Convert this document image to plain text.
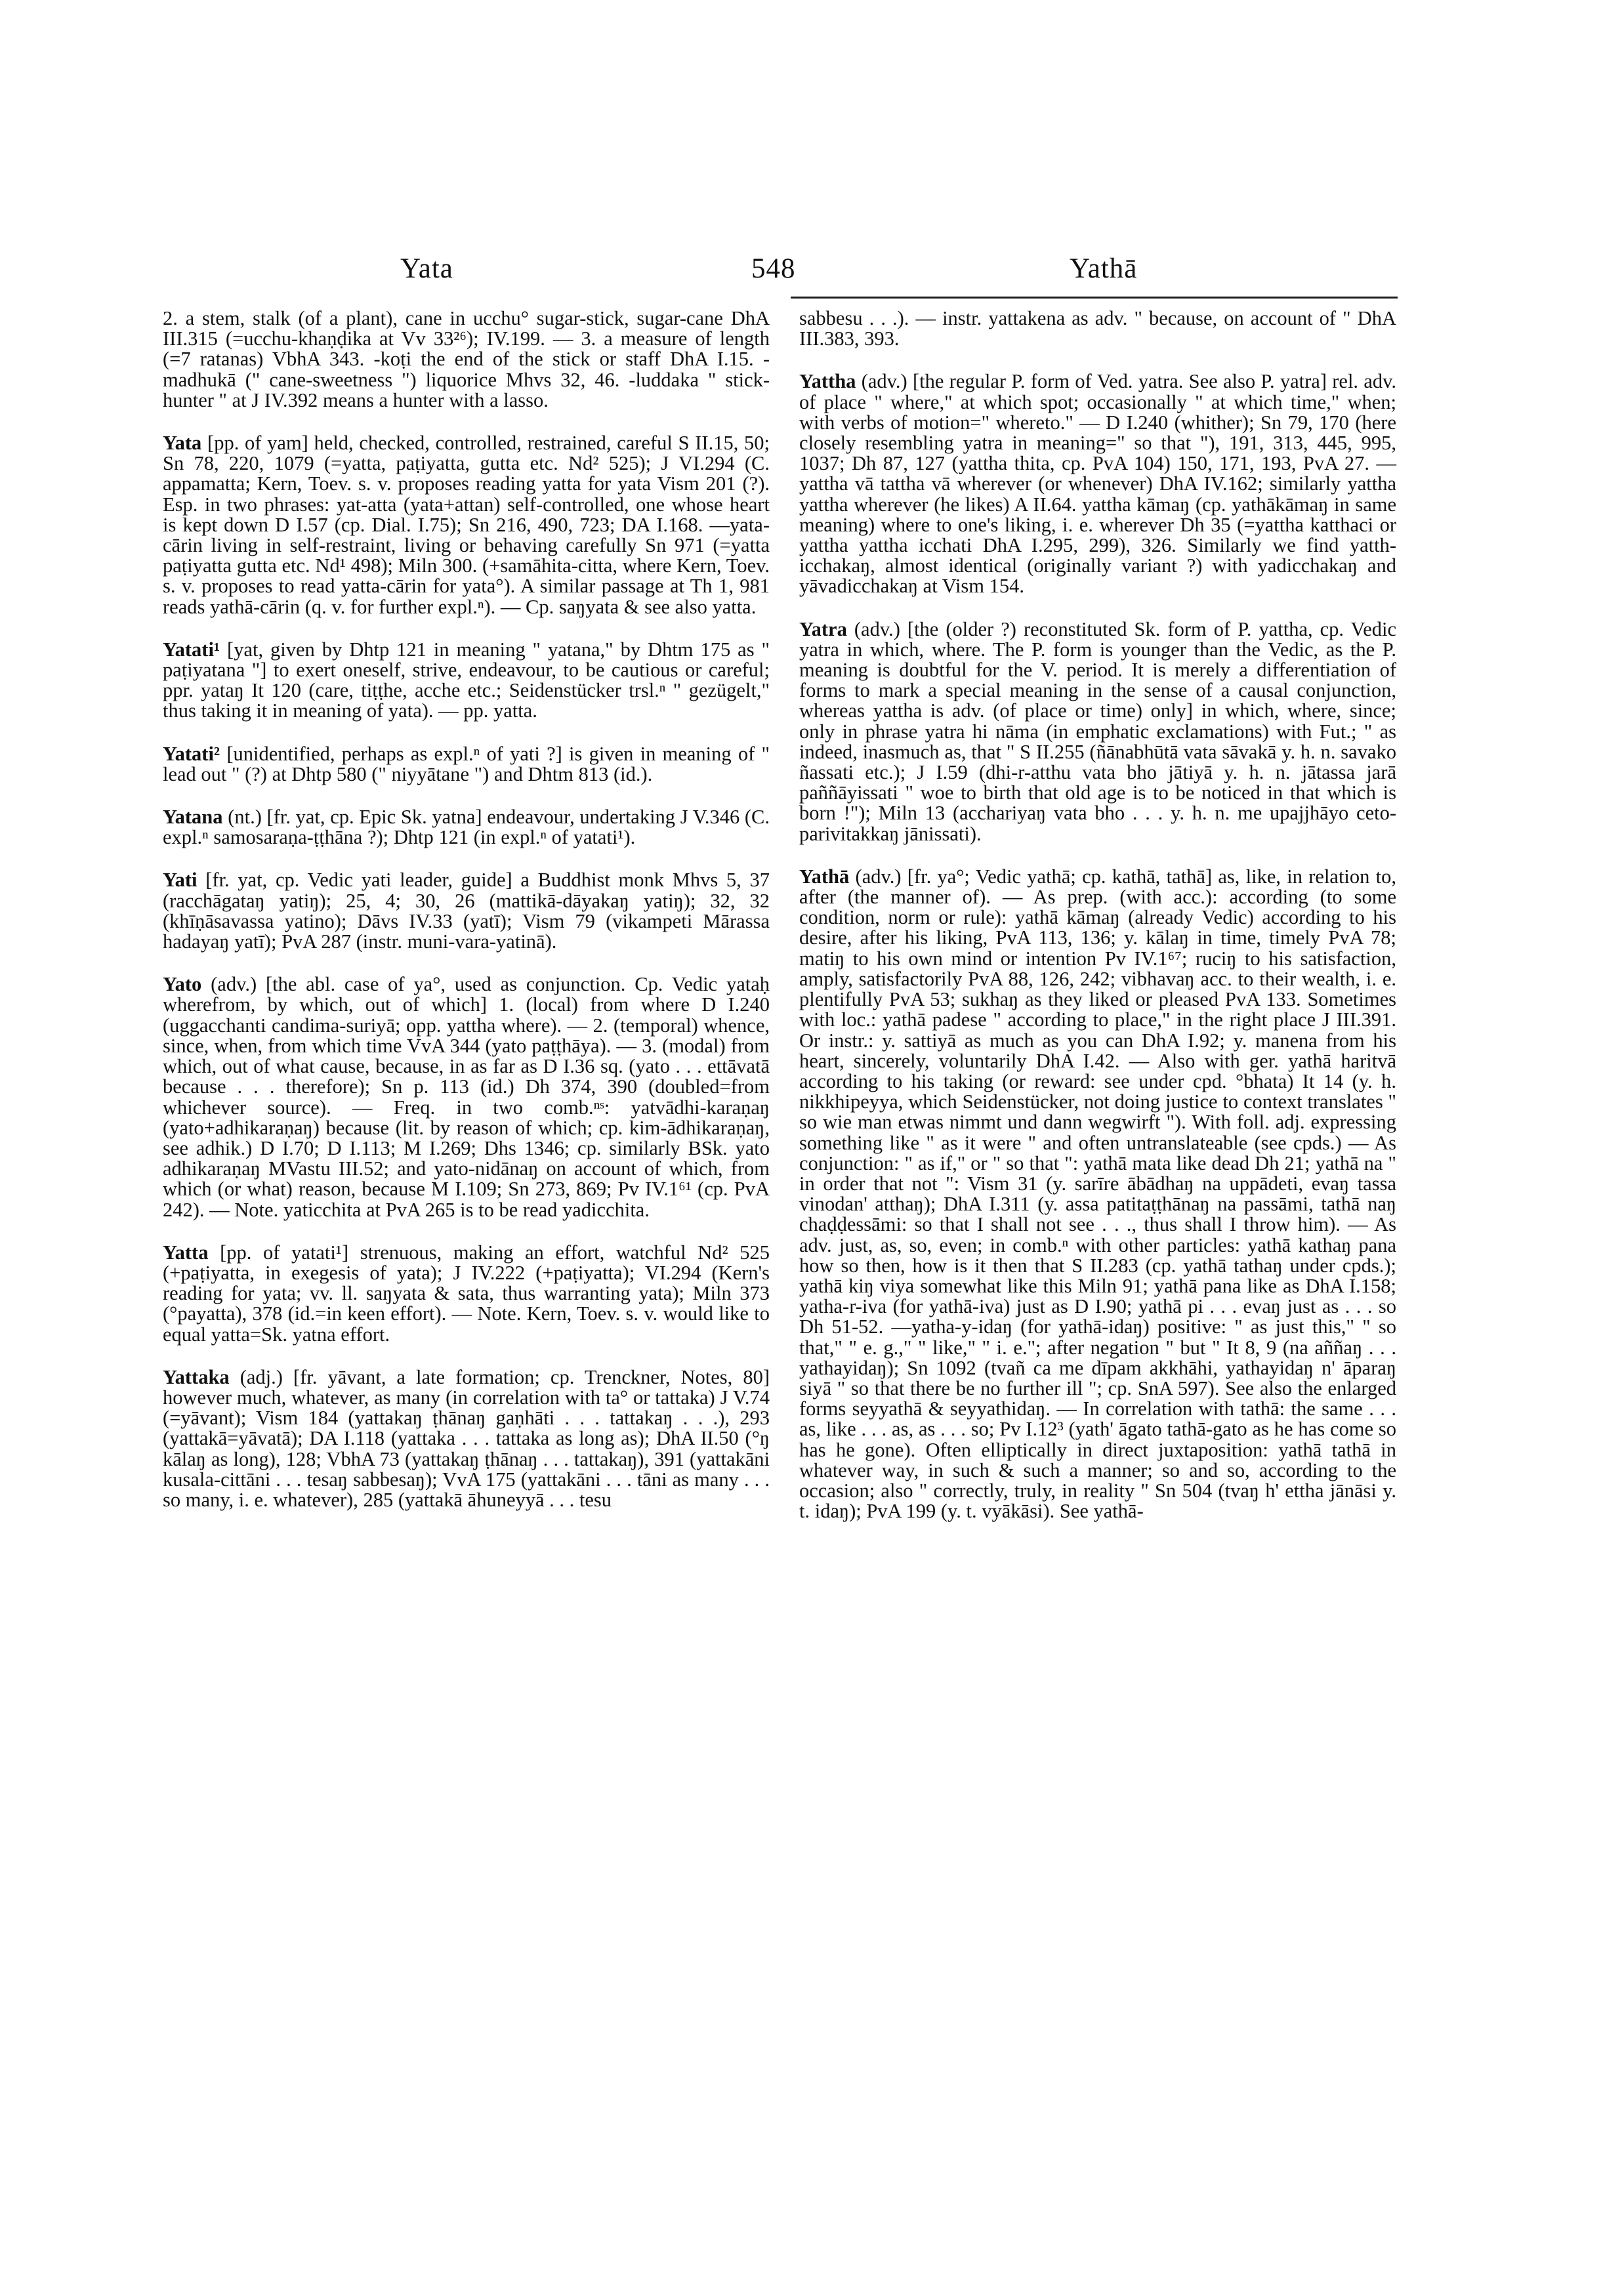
Yata	548	Yathā

2. a stem, stalk (of a plant), cane in ucchu° sugar-stick, sugar-cane DhA III.315 (=ucchu-khaṇḍika at Vv 33²⁶); IV.199. — 3. a measure of length (=7 ratanas) VbhA 343. -koṭi the end of the stick or staff DhA I.15. -madhukā (" cane-sweetness ") liquorice Mhvs 32, 46. -luddaka " stick-hunter " at J IV.392 means a hunter with a lasso.

Yata [pp. of yam] held, checked, controlled, restrained, careful S II.15, 50; Sn 78, 220, 1079 (=yatta, paṭiyatta, gutta etc. Nd² 525); J VI.294 (C. appamatta; Kern, Toev. s. v. proposes reading yatta for yata Vism 201 (?). Esp. in two phrases: yat-atta (yata+attan) self-controlled, one whose heart is kept down D I.57 (cp. Dial. I.75); Sn 216, 490, 723; DA I.168. —yata-cārin living in self-restraint, living or behaving carefully Sn 971 (=yatta paṭiyatta gutta etc. Nd¹ 498); Miln 300. (+samāhita-citta, where Kern, Toev. s. v. proposes to read yatta-cārin for yata°). A similar passage at Th 1, 981 reads yathā-cārin (q. v. for further expl.ⁿ). — Cp. saŋyata & see also yatta.

Yatati¹ [yat, given by Dhtp 121 in meaning " yatana," by Dhtm 175 as " paṭiyatana "] to exert oneself, strive, endeavour, to be cautious or careful; ppr. yataŋ It 120 (care, tiṭṭhe, acche etc.; Seidenstücker trsl.ⁿ " gezügelt," thus taking it in meaning of yata). — pp. yatta.

Yatati² [unidentified, perhaps as expl.ⁿ of yati ?] is given in meaning of " lead out " (?) at Dhtp 580 (" niyyātane ") and Dhtm 813 (id.).

Yatana (nt.) [fr. yat, cp. Epic Sk. yatna] endeavour, undertaking J V.346 (C. expl.ⁿ samosaraṇa-ṭṭhāna ?); Dhtp 121 (in expl.ⁿ of yatati¹).

Yati [fr. yat, cp. Vedic yati leader, guide] a Buddhist monk Mhvs 5, 37 (racchāgataŋ yatiŋ); 25, 4; 30, 26 (mattikā-dāyakaŋ yatiŋ); 32, 32 (khīṇāsavassa yatino); Dāvs IV.33 (yatī); Vism 79 (vikampeti Mārassa hadayaŋ yatī); PvA 287 (instr. muni-vara-yatinā).

Yato (adv.) [the abl. case of ya°, used as conjunction. Cp. Vedic yataḥ wherefrom, by which, out of which] 1. (local) from where D I.240 (uggacchanti candima-suriyā; opp. yattha where). — 2. (temporal) whence, since, when, from which time VvA 344 (yato paṭṭhāya). — 3. (modal) from which, out of what cause, because, in as far as D I.36 sq. (yato . . . ettāvatā because . . . therefore); Sn p. 113 (id.) Dh 374, 390 (doubled=from whichever source). — Freq. in two comb.ⁿˢ: yatvādhi-karaṇaŋ (yato+adhikaraṇaŋ) because (lit. by reason of which; cp. kim-ādhikaraṇaŋ, see adhik.) D I.70; D I.113; M I.269; Dhs 1346; cp. similarly BSk. yato adhikaraṇaŋ MVastu III.52; and yato-nidānaŋ on account of which, from which (or what) reason, because M I.109; Sn 273, 869; Pv IV.1⁶¹ (cp. PvA 242). — Note. yaticchita at PvA 265 is to be read yadicchita.

Yatta [pp. of yatati¹] strenuous, making an effort, watchful Nd² 525 (+paṭiyatta, in exegesis of yata); J IV.222 (+paṭiyatta); VI.294 (Kern's reading for yata; vv. ll. saŋyata & sata, thus warranting yata); Miln 373 (°payatta), 378 (id.=in keen effort). — Note. Kern, Toev. s. v. would like to equal yatta=Sk. yatna effort.

Yattaka (adj.) [fr. yāvant, a late formation; cp. Trenckner, Notes, 80] however much, whatever, as many (in correlation with ta° or tattaka) J V.74 (=yāvant); Vism 184 (yattakaŋ ṭhānaŋ gaṇhāti . . . tattakaŋ . . .), 293 (yattakā=yāvatā); DA I.118 (yattaka . . . tattaka as long as); DhA II.50 (°ŋ kālaŋ as long), 128; VbhA 73 (yattakaŋ ṭhānaŋ . . . tattakaŋ), 391 (yattakāni kusala-cittāni . . . tesaŋ sabbesaŋ); VvA 175 (yattakāni . . . tāni as many . . . so many, i. e. whatever), 285 (yattakā āhuneyyā . . . tesu

sabbesu . . .). — instr. yattakena as adv. " because, on account of " DhA III.383, 393.

Yattha (adv.) [the regular P. form of Ved. yatra. See also P. yatra] rel. adv. of place " where," at which spot; occasionally " at which time," when; with verbs of motion=" whereto." — D I.240 (whither); Sn 79, 170 (here closely resembling yatra in meaning=" so that "), 191, 313, 445, 995, 1037; Dh 87, 127 (yattha thita, cp. PvA 104) 150, 171, 193, PvA 27. —yattha vā tattha vā wherever (or whenever) DhA IV.162; similarly yattha yattha wherever (he likes) A II.64. yattha kāmaŋ (cp. yathākāmaŋ in same meaning) where to one's liking, i. e. wherever Dh 35 (=yattha katthaci or yattha yattha icchati DhA I.295, 299), 326. Similarly we find yatth-icchakaŋ, almost identical (originally variant ?) with yadicchakaŋ and yāvadicchakaŋ at Vism 154.

Yatra (adv.) [the (older ?) reconstituted Sk. form of P. yattha, cp. Vedic yatra in which, where. The P. form is younger than the Vedic, as the P. meaning is doubtful for the V. period. It is merely a differentiation of forms to mark a special meaning in the sense of a causal conjunction, whereas yattha is adv. (of place or time) only] in which, where, since; only in phrase yatra hi nāma (in emphatic exclamations) with Fut.; " as indeed, inasmuch as, that " S II.255 (ñānabhūtā vata sāvakā y. h. n. savako ñassati etc.); J I.59 (dhi-r-atthu vata bho jātiyā y. h. n. jātassa jarā paññāyissati " woe to birth that old age is to be noticed in that which is born !"); Miln 13 (acchariyaŋ vata bho . . . y. h. n. me upajjhāyo ceto-parivitakkaŋ jānissati).

Yathā (adv.) [fr. ya°; Vedic yathā; cp. kathā, tathā] as, like, in relation to, after (the manner of). — As prep. (with acc.): according (to some condition, norm or rule): yathā kāmaŋ (already Vedic) according to his desire, after his liking, PvA 113, 136; y. kālaŋ in time, timely PvA 78; matiŋ to his own mind or intention Pv IV.1⁶⁷; ruciŋ to his satisfaction, amply, satisfactorily PvA 88, 126, 242; vibhavaŋ acc. to their wealth, i. e. plentifully PvA 53; sukhaŋ as they liked or pleased PvA 133. Sometimes with loc.: yathā padese " according to place," in the right place J III.391. Or instr.: y. sattiyā as much as you can DhA I.92; y. manena from his heart, sincerely, voluntarily DhA I.42. — Also with ger. yathā haritvā according to his taking (or reward: see under cpd. °bhata) It 14 (y. h. nikkhipeyya, which Seidenstücker, not doing justice to context translates " so wie man etwas nimmt und dann wegwirft "). With foll. adj. expressing something like " as it were " and often untranslateable (see cpds.) — As conjunction: " as if," or " so that ": yathā mata like dead Dh 21; yathā na " in order that not ": Vism 31 (y. sarīre ābādhaŋ na uppādeti, evaŋ tassa vinodan' atthaŋ); DhA I.311 (y. assa patitaṭṭhānaŋ na passāmi, tathā naŋ chaḍḍessāmi: so that I shall not see . . ., thus shall I throw him). — As adv. just, as, so, even; in comb.ⁿ with other particles: yathā kathaŋ pana how so then, how is it then that S II.283 (cp. yathā tathaŋ under cpds.); yathā kiŋ viya somewhat like this Miln 91; yathā pana like as DhA I.158; yatha-r-iva (for yathā-iva) just as D I.90; yathā pi . . . evaŋ just as . . . so Dh 51-52. —yatha-y-idaŋ (for yathā-idaŋ) positive: " as just this," " so that," " e. g.," " like," " i. e."; after negation " but " It 8, 9 (na aññaŋ . . . yathayidaŋ); Sn 1092 (tvañ ca me dīpam akkhāhi, yathayidaŋ n' āparaŋ siyā " so that there be no further ill "; cp. SnA 597). See also the enlarged forms seyyathā & seyyathidaŋ. — In correlation with tathā: the same . . . as, like . . . as, as . . . so; Pv I.12³ (yath' āgato tathā-gato as he has come so has he gone). Often elliptically in direct juxtaposition: yathā tathā in whatever way, in such & such a manner; so and so, according to the occasion; also " correctly, truly, in reality " Sn 504 (tvaŋ h' ettha jānāsi y. t. idaŋ); PvA 199 (y. t. vyākāsi). See yathā-
